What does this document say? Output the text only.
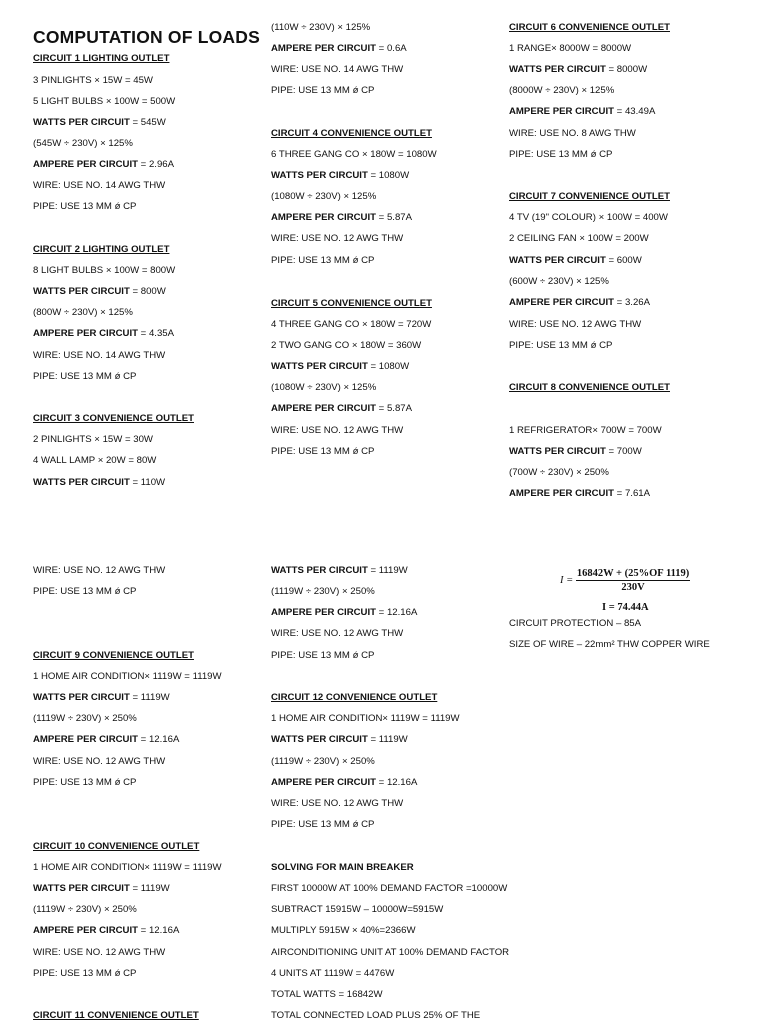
COMPUTATION OF LOADS
CIRCUIT 1 LIGHTING OUTLET
3 PINLIGHTS × 15W = 45W
5 LIGHT BULBS × 100W = 500W
WATTS PER CIRCUIT = 545W
(545W ÷ 230V) × 125%
AMPERE PER CIRCUIT = 2.96A
WIRE: USE NO. 14 AWG THW
PIPE: USE 13 MM ǿ CP
CIRCUIT 2 LIGHTING OUTLET
8 LIGHT BULBS × 100W = 800W
WATTS PER CIRCUIT = 800W
(800W ÷ 230V) × 125%
AMPERE PER CIRCUIT = 4.35A
WIRE: USE NO. 14 AWG THW
PIPE: USE 13 MM ǿ CP
CIRCUIT 3 CONVENIENCE OUTLET
2 PINLIGHTS × 15W = 30W
4 WALL LAMP × 20W = 80W
WATTS PER CIRCUIT = 110W
WIRE: USE NO. 12 AWG THW
PIPE: USE 13 MM ǿ CP
CIRCUIT 9 CONVENIENCE OUTLET
1 HOME AIR CONDITION× 1119W = 1119W
WATTS PER CIRCUIT = 1119W
(1119W ÷ 230V) × 250%
AMPERE PER CIRCUIT = 12.16A
WIRE: USE NO. 12 AWG THW
PIPE: USE 13 MM ǿ CP
CIRCUIT 10 CONVENIENCE OUTLET
1 HOME AIR CONDITION× 1119W = 1119W
WATTS PER CIRCUIT = 1119W
(1119W ÷ 230V) × 250%
AMPERE PER CIRCUIT = 12.16A
WIRE: USE NO. 12 AWG THW
PIPE: USE 13 MM ǿ CP
CIRCUIT 11 CONVENIENCE OUTLET
(110W ÷ 230V) × 125%
AMPERE PER CIRCUIT = 0.6A
WIRE: USE NO. 14 AWG THW
PIPE: USE 13 MM ǿ CP
CIRCUIT 4 CONVENIENCE OUTLET
6 THREE GANG CO × 180W = 1080W
WATTS PER CIRCUIT = 1080W
(1080W ÷ 230V) × 125%
AMPERE PER CIRCUIT = 5.87A
WIRE: USE NO. 12 AWG THW
PIPE: USE 13 MM ǿ CP
CIRCUIT 5 CONVENIENCE OUTLET
4 THREE GANG CO × 180W = 720W
2 TWO GANG CO × 180W = 360W
WATTS PER CIRCUIT = 1080W
(1080W ÷ 230V) × 125%
AMPERE PER CIRCUIT = 5.87A
WIRE: USE NO. 12 AWG THW
PIPE: USE 13 MM ǿ CP
WATTS PER CIRCUIT = 1119W
(1119W ÷ 230V) × 250%
AMPERE PER CIRCUIT = 12.16A
WIRE: USE NO. 12 AWG THW
PIPE: USE 13 MM ǿ CP
CIRCUIT 12 CONVENIENCE OUTLET
1 HOME AIR CONDITION× 1119W = 1119W
WATTS PER CIRCUIT = 1119W
(1119W ÷ 230V) × 250%
AMPERE PER CIRCUIT = 12.16A
WIRE: USE NO. 12 AWG THW
PIPE: USE 13 MM ǿ CP
SOLVING FOR MAIN BREAKER
FIRST 10000W AT 100% DEMAND FACTOR =10000W
SUBTRACT 15915W – 10000W=5915W
MULTIPLY 5915W × 40%=2366W
AIRCONDITIONING UNIT AT 100% DEMAND FACTOR
4 UNITS AT 1119W = 4476W
TOTAL WATTS = 16842W
TOTAL CONNECTED LOAD PLUS 25% OF THE
CIRCUIT 6 CONVENIENCE OUTLET
1 RANGE× 8000W = 8000W
WATTS PER CIRCUIT = 8000W
(8000W ÷ 230V) × 125%
AMPERE PER CIRCUIT = 43.49A
WIRE: USE NO. 8 AWG THW
PIPE: USE 13 MM ǿ CP
CIRCUIT 7 CONVENIENCE OUTLET
4 TV (19" COLOUR) × 100W = 400W
2 CEILING FAN × 100W = 200W
WATTS PER CIRCUIT = 600W
(600W ÷ 230V) × 125%
AMPERE PER CIRCUIT = 3.26A
WIRE: USE NO. 12 AWG THW
PIPE: USE 13 MM ǿ CP
CIRCUIT 8 CONVENIENCE OUTLET
1 REFRIGERATOR× 700W = 700W
WATTS PER CIRCUIT = 700W
(700W ÷ 230V) × 250%
AMPERE PER CIRCUIT = 7.61A
CIRCUIT PROTECTION – 85A
SIZE OF WIRE – 22mm² THW COPPER WIRE
$I = \frac{16842W + (25\%OF 1119)}{230V}$
I = 74.44A
